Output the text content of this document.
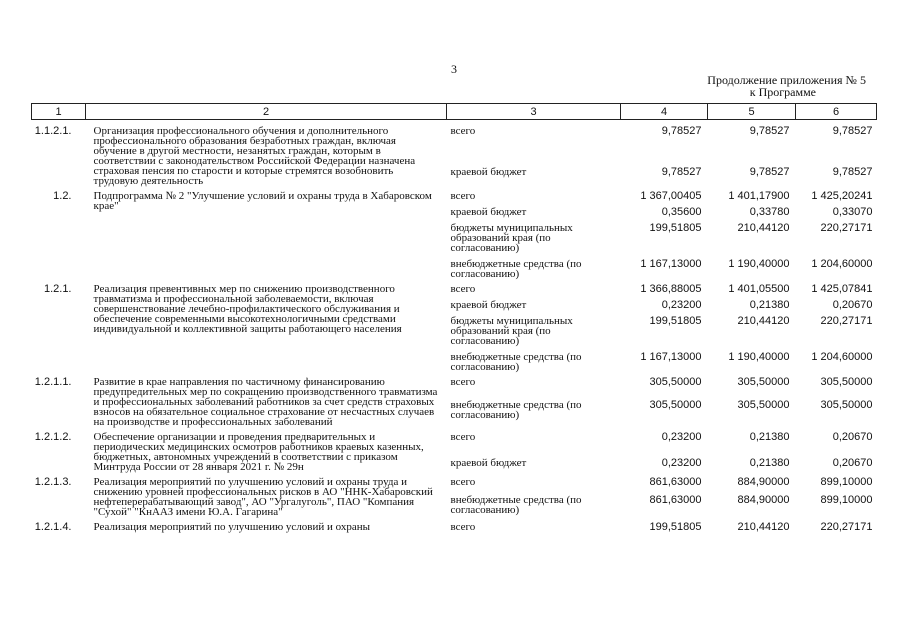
3
Продолжение приложения № 5
к Программе
1	2	3	4	5	6
1.1.2.1.	Организация профессионального обучения и дополнительного профессионального образования безработных граждан, включая обучение в другой местности, незанятых граждан, которым в соответствии с законодательством Российской Федерации назначена страховая пенсия по старости и которые стремятся возобновить трудовую деятельность	всего	9,78527	9,78527	9,78527
		краевой бюджет	9,78527	9,78527	9,78527
1.2.	Подпрограмма № 2 "Улучшение условий и охраны труда в Хабаровском крае"	всего	1 367,00405	1 401,17900	1 425,20241
		краевой бюджет	0,35600	0,33780	0,33070
		бюджеты муниципальных образований края (по согласованию)	199,51805	210,44120	220,27171
		внебюджетные средства (по согласованию)	1 167,13000	1 190,40000	1 204,60000
1.2.1.	Реализация превентивных мер по снижению производственного травматизма и профессиональной заболеваемости, включая совершенствование лечебно-профилактического обслуживания и обеспечение современными высокотехнологичными средствами индивидуальной и коллективной защиты работающего населения	всего	1 366,88005	1 401,05500	1 425,07841
		краевой бюджет	0,23200	0,21380	0,20670
		бюджеты муниципальных образований края (по согласованию)	199,51805	210,44120	220,27171
		внебюджетные средства (по согласованию)	1 167,13000	1 190,40000	1 204,60000
1.2.1.1.	Развитие в крае направления по частичному финансированию предупредительных мер по сокращению производственного травматизма и профессиональных заболеваний работников за счет средств страховых взносов на обязательное социальное страхование от несчастных случаев на производстве и профессиональных заболеваний	всего	305,50000	305,50000	305,50000
		внебюджетные средства (по согласованию)	305,50000	305,50000	305,50000
1.2.1.2.	Обеспечение организации и проведения предварительных и периодических медицинских осмотров работников краевых казенных, бюджетных, автономных учреждений в соответствии с приказом Минтруда России от 28 января 2021 г. № 29н	всего	0,23200	0,21380	0,20670
		краевой бюджет	0,23200	0,21380	0,20670
1.2.1.3.	Реализация мероприятий по улучшению условий и охраны труда и снижению уровней профессиональных рисков в АО "ННК-Хабаровский нефтеперерабатывающий завод", АО "Ургалуголь", ПАО "Компания "Сухой" "КнААЗ имени Ю.А. Гагарина"	всего	861,63000	884,90000	899,10000
		внебюджетные средства (по согласованию)	861,63000	884,90000	899,10000
1.2.1.4.	Реализация мероприятий по улучшению условий и охраны	всего	199,51805	210,44120	220,27171
